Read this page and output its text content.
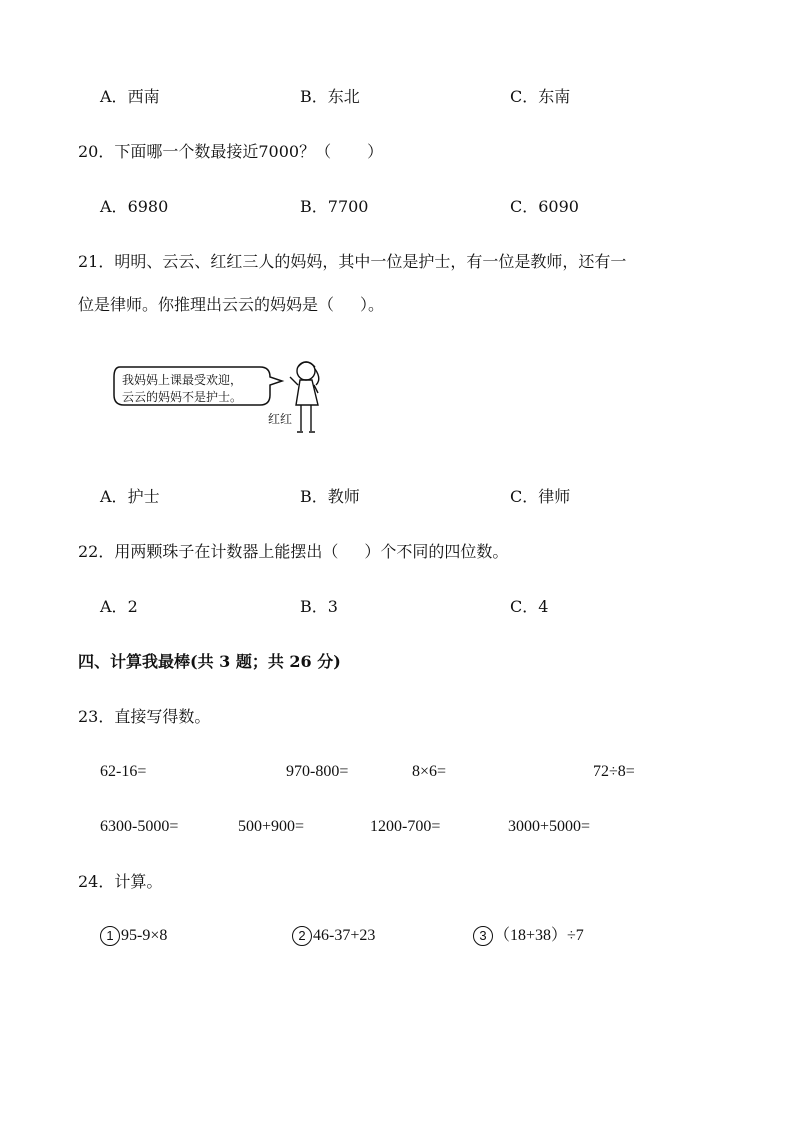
A．西南	B．东北	C．东南
20．下面哪一个数最接近7000？（ ）
A．6980	B．7700	C．6090
21．明明、云云、红红三人的妈妈，其中一位是护士，有一位是教师，还有一
位是律师。你推理出云云的妈妈是（ ）。
我妈妈上课最受欢迎，
云云的妈妈不是护士。
红红
A．护士	B．教师	C．律师
22．用两颗珠子在计数器上能摆出（ ）个不同的四位数。
A．2	B．3	C．4
四、计算我最棒(共 3 题；共 26 分)
23．直接写得数。
62-16=	970-800=	8×6=	72÷8=
6300-5000=	500+900=	1200-700=	3000+5000=
24．计算。
1 95-9×8	2 46-37+23	3 （18+38）÷7
